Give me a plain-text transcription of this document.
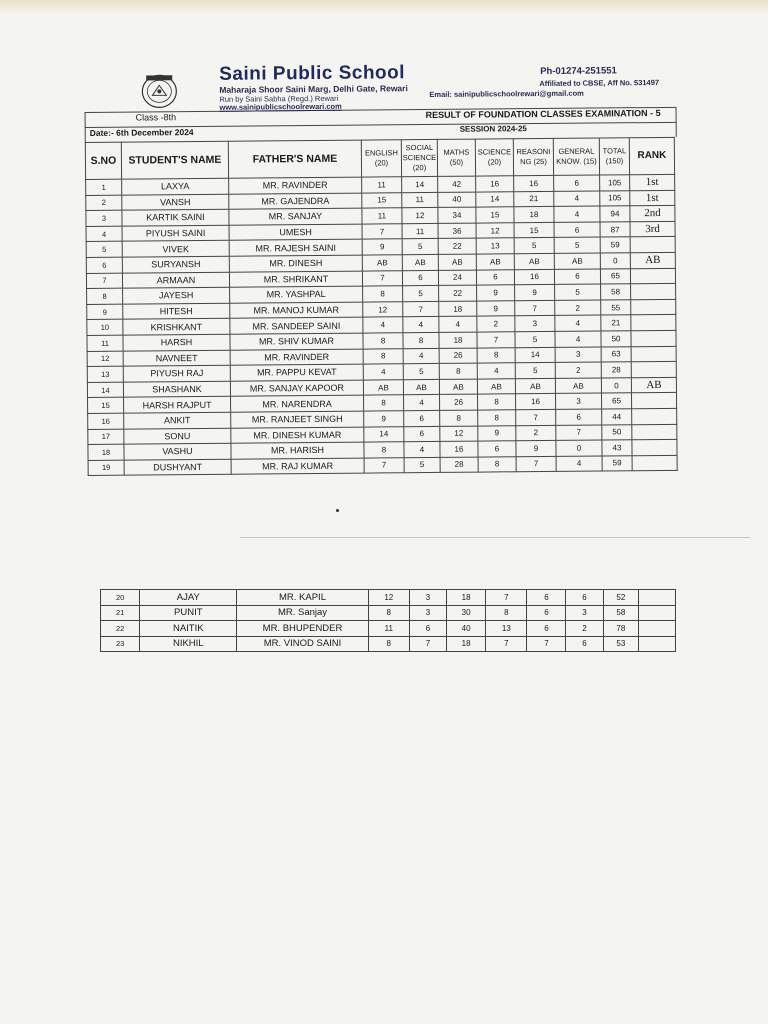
Saini Public School
Maharaja Shoor Saini Marg, Delhi Gate, Rewari
Run by Saini Sabha (Regd.) Rewari
www.sainipublicschoolrewari.com
Ph-01274-251551
Affiliated to CBSE, Aff No. 531497
Email: sainipublicschoolrewari@gmail.com
Class -8th	RESULT OF FOUNDATION CLASSES EXAMINATION - 5
Date:- 6th December 2024	SESSION 2024-25
S.NO	STUDENT'S NAME	FATHER'S NAME	ENGLISH (20)	SOCIAL SCIENCE (20)	MATHS (50)	SCIENCE (20)	REASONI NG (25)	GENERAL KNOW. (15)	TOTAL (150)	RANK
1	LAXYA	MR. RAVINDER	11	14	42	16	16	6	105	1st
2	VANSH	MR. GAJENDRA	15	11	40	14	21	4	105	1st
3	KARTIK SAINI	MR. SANJAY	11	12	34	15	18	4	94	2nd
4	PIYUSH SAINI	UMESH	7	11	36	12	15	6	87	3rd
5	VIVEK	MR. RAJESH SAINI	9	5	22	13	5	5	59	
6	SURYANSH	MR. DINESH	AB	AB	AB	AB	AB	AB	0	AB
7	ARMAAN	MR. SHRIKANT	7	6	24	6	16	6	65	
8	JAYESH	MR. YASHPAL	8	5	22	9	9	5	58	
9	HITESH	MR. MANOJ KUMAR	12	7	18	9	7	2	55	
10	KRISHKANT	MR. SANDEEP SAINI	4	4	4	2	3	4	21	
11	HARSH	MR. SHIV KUMAR	8	8	18	7	5	4	50	
12	NAVNEET	MR. RAVINDER	8	4	26	8	14	3	63	
13	PIYUSH RAJ	MR. PAPPU KEVAT	4	5	8	4	5	2	28	
14	SHASHANK	MR. SANJAY KAPOOR	AB	AB	AB	AB	AB	AB	0	AB
15	HARSH RAJPUT	MR. NARENDRA	8	4	26	8	16	3	65	
16	ANKIT	MR. RANJEET SINGH	9	6	8	8	7	6	44	
17	SONU	MR. DINESH KUMAR	14	6	12	9	2	7	50	
18	VASHU	MR. HARISH	8	4	16	6	9	0	43	
19	DUSHYANT	MR. RAJ KUMAR	7	5	28	8	7	4	59	
20	AJAY	MR. KAPIL	12	3	18	7	6	6	52	
21	PUNIT	MR. Sanjay	8	3	30	8	6	3	58	
22	NAITIK	MR. BHUPENDER	11	6	40	13	6	2	78	
23	NIKHIL	MR. VINOD SAINI	8	7	18	7	7	6	53	
